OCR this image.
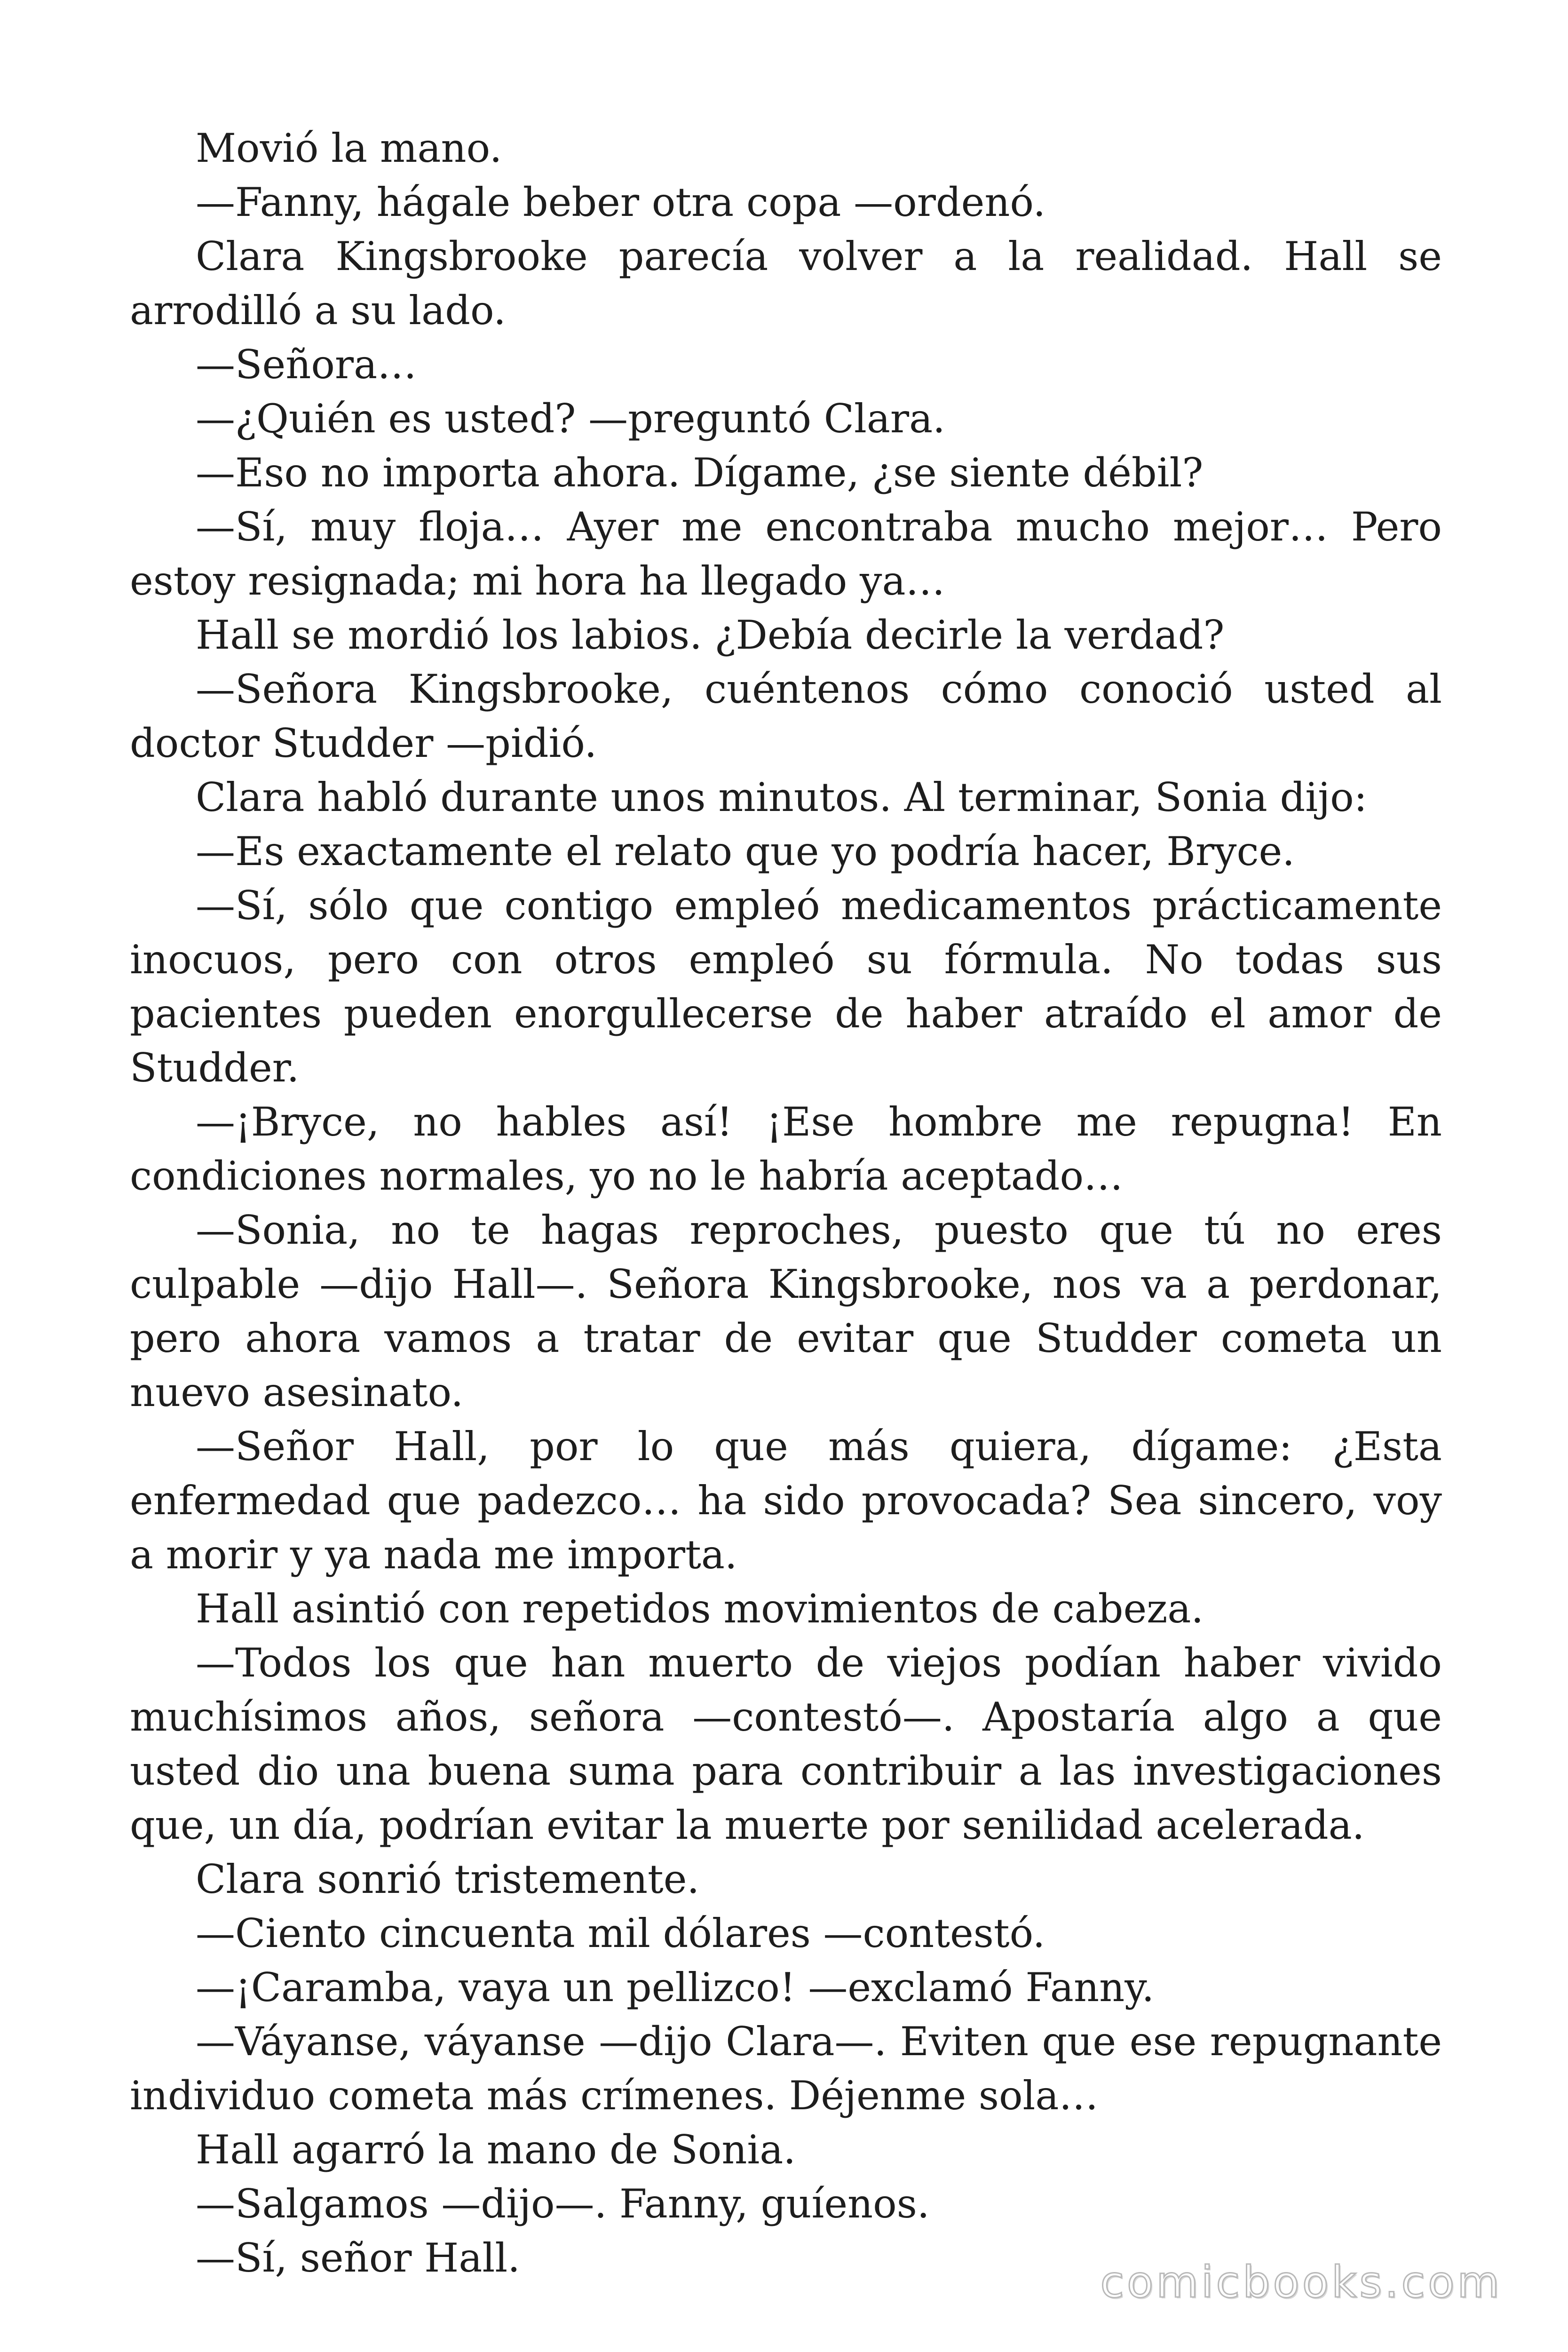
Movió la mano.

—Fanny, hágale beber otra copa —ordenó.

Clara Kingsbrooke parecía volver a la realidad. Hall se arrodilló a su lado.

—Señora…

—¿Quién es usted? —preguntó Clara.

—Eso no importa ahora. Dígame, ¿se siente débil?

—Sí, muy floja… Ayer me encontraba mucho mejor… Pero estoy resignada; mi hora ha llegado ya…

Hall se mordió los labios. ¿Debía decirle la verdad?

—Señora Kingsbrooke, cuéntenos cómo conoció usted al doctor Studder —pidió.

Clara habló durante unos minutos. Al terminar, Sonia dijo:

—Es exactamente el relato que yo podría hacer, Bryce.

—Sí, sólo que contigo empleó medicamentos prácticamente inocuos, pero con otros empleó su fórmula. No todas sus pacientes pueden enorgullecerse de haber atraído el amor de Studder.

—¡Bryce, no hables así! ¡Ese hombre me repugna! En condiciones normales, yo no le habría aceptado…

—Sonia, no te hagas reproches, puesto que tú no eres culpable —dijo Hall—. Señora Kingsbrooke, nos va a perdonar, pero ahora vamos a tratar de evitar que Studder cometa un nuevo asesinato.

—Señor Hall, por lo que más quiera, dígame: ¿Esta enfermedad que padezco… ha sido provocada? Sea sincero, voy a morir y ya nada me importa.

Hall asintió con repetidos movimientos de cabeza.

—Todos los que han muerto de viejos podían haber vivido muchísimos años, señora —contestó—. Apostaría algo a que usted dio una buena suma para contribuir a las investigaciones que, un día, podrían evitar la muerte por senilidad acelerada.

Clara sonrió tristemente.

—Ciento cincuenta mil dólares —contestó.

—¡Caramba, vaya un pellizco! —exclamó Fanny.

—Váyanse, váyanse —dijo Clara—. Eviten que ese repugnante individuo cometa más crímenes. Déjenme sola…

Hall agarró la mano de Sonia.

—Salgamos —dijo—. Fanny, guíenos.

—Sí, señor Hall.	comicbooks.com
